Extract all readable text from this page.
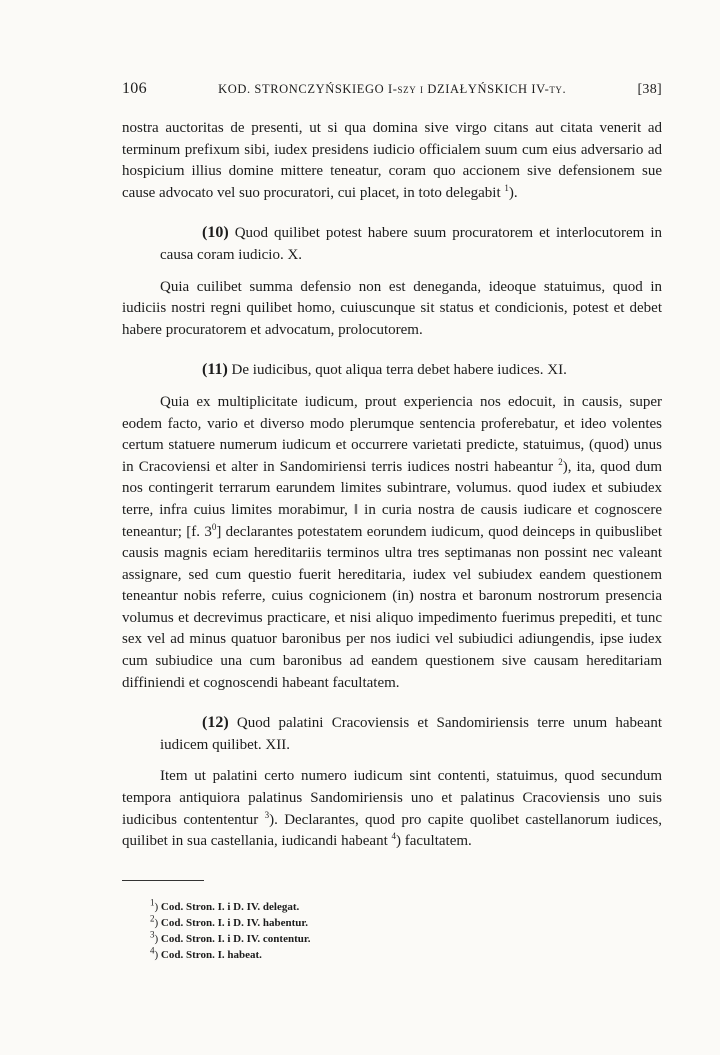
106	KOD. STRONCZYŃSKIEGO I-szy i DZIAŁYŃSKICH IV-ty.	[38]

nostra auctoritas de presenti, ut si qua domina sive virgo citans aut citata venerit ad terminum prefixum sibi, iudex presidens iudicio officialem suum cum eius adversario ad hospicium illius domine mittere teneatur, coram quo accionem sive defensionem sue cause advocato vel suo procuratori, cui placet, in toto delegabit $^1$).

(10) Quod quilibet potest habere suum procuratorem et interlocutorem in causa coram iudicio. X.

Quia cuilibet summa defensio non est deneganda, ideoque statuimus, quod in iudiciis nostri regni quilibet homo, cuiuscunque sit status et condicionis, potest et debet habere procuratorem et advocatum, prolocutorem.

(11) De iudicibus, quot aliqua terra debet habere iudices. XI.

Quia ex multiplicitate iudicum, prout experiencia nos edocuit, in causis, super eodem facto, vario et diverso modo plerumque sentencia proferebatur, et ideo volentes certum statuere numerum iudicum et occurrere varietati predicte, statuimus, (quod) unus in Cracoviensi et alter in Sandomiriensi terris iudices nostri habeantur $^2$), ita, quod dum nos contingerit terrarum earundem limites subintrare, volumus. quod iudex et subiudex terre, infra cuius limites morabimur, ‖ in curia nostra de causis iudicare et cognoscere teneantur; [f. $3^0$] declarantes potestatem eorundem iudicum, quod deinceps in quibuslibet causis magnis eciam hereditariis terminos ultra tres septimanas non possint nec valeant assignare, sed cum questio fuerit hereditaria, iudex vel subiudex eandem questionem teneantur nobis referre, cuius cognicionem (in) nostra et baronum nostrorum presencia volumus et decrevimus practicare, et nisi aliquo impedimento fuerimus prepediti, et tunc sex vel ad minus quatuor baronibus per nos iudici vel subiudici adiungendis, ipse iudex cum subiudice una cum baronibus ad eandem questionem sive causam hereditariam diffiniendi et cognoscendi habeant facultatem.

(12) Quod palatini Cracoviensis et Sandomiriensis terre unum habeant iudicem quilibet. XII.

Item ut palatini certo numero iudicum sint contenti, statuimus, quod secundum tempora antiquiora palatinus Sandomiriensis uno et palatinus Cracoviensis uno suis iudicibus contententur $^3$). Declarantes, quod pro capite quolibet castellanorum iudices, quilibet in sua castellania, iudicandi habeant $^4$) facultatem.

$^1$) Cod. Stron. I. i D. IV. delegat.
$^2$) Cod. Stron. I. i D. IV. habentur.
$^3$) Cod. Stron. I. i D. IV. contentur.
$^4$) Cod. Stron. I. habeat.
